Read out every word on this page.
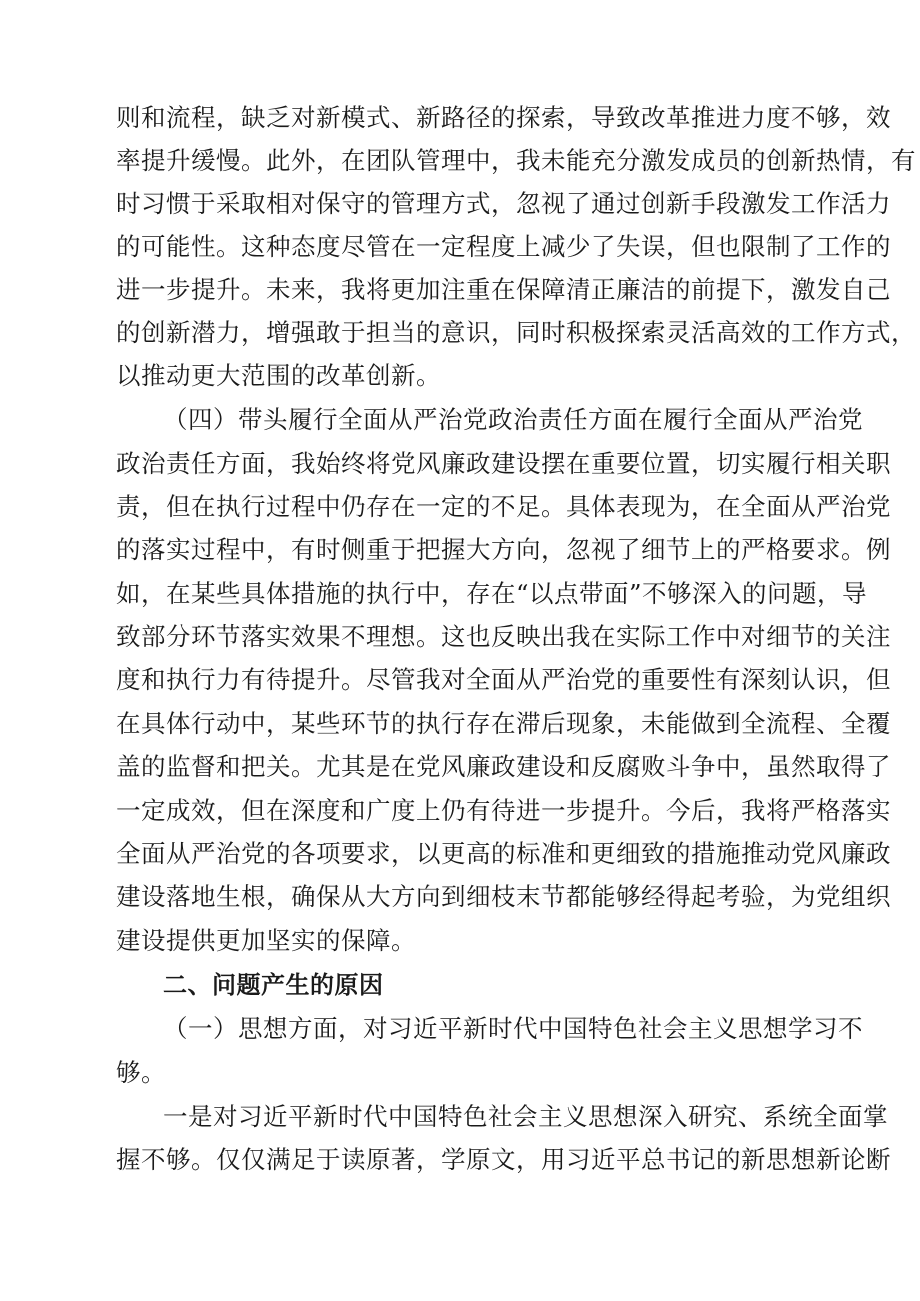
则和流程，缺乏对新模式、新路径的探索，导致改革推进力度不够，效
率提升缓慢。此外，在团队管理中，我未能充分激发成员的创新热情，有
时习惯于采取相对保守的管理方式，忽视了通过创新手段激发工作活力
的可能性。这种态度尽管在一定程度上减少了失误，但也限制了工作的
进一步提升。未来，我将更加注重在保障清正廉洁的前提下，激发自己
的创新潜力，增强敢于担当的意识，同时积极探索灵活高效的工作方式，
以推动更大范围的改革创新。
（四）带头履行全面从严治党政治责任方面在履行全面从严治党
政治责任方面，我始终将党风廉政建设摆在重要位置，切实履行相关职
责，但在执行过程中仍存在一定的不足。具体表现为，在全面从严治党
的落实过程中，有时侧重于把握大方向，忽视了细节上的严格要求。例
如，在某些具体措施的执行中，存在“以点带面”不够深入的问题，导
致部分环节落实效果不理想。这也反映出我在实际工作中对细节的关注
度和执行力有待提升。尽管我对全面从严治党的重要性有深刻认识，但
在具体行动中，某些环节的执行存在滞后现象，未能做到全流程、全覆
盖的监督和把关。尤其是在党风廉政建设和反腐败斗争中，虽然取得了
一定成效，但在深度和广度上仍有待进一步提升。今后，我将严格落实
全面从严治党的各项要求，以更高的标准和更细致的措施推动党风廉政
建设落地生根，确保从大方向到细枝末节都能够经得起考验，为党组织
建设提供更加坚实的保障。
二、问题产生的原因
（一）思想方面，对习近平新时代中国特色社会主义思想学习不
够。
一是对习近平新时代中国特色社会主义思想深入研究、系统全面掌
握不够。仅仅满足于读原著，学原文，用习近平总书记的新思想新论断
